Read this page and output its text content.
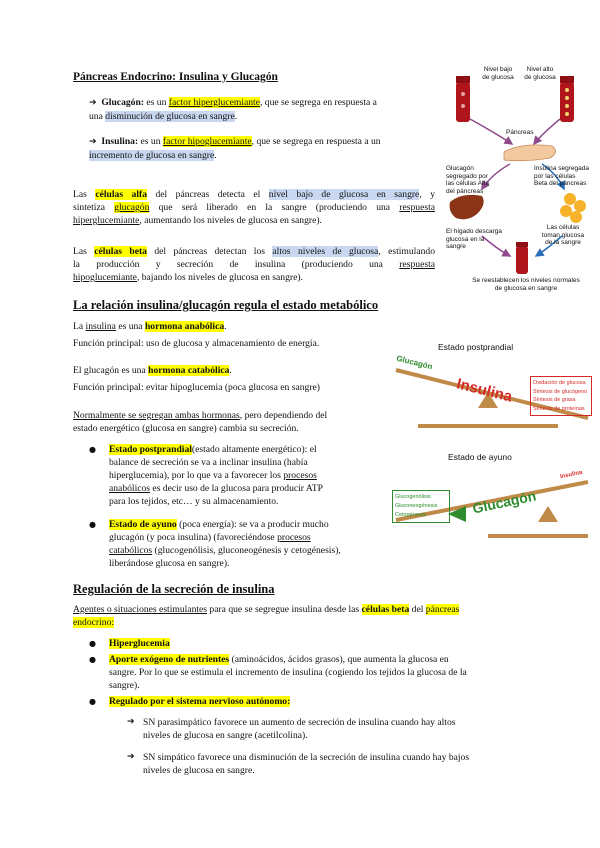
Páncreas Endocrino: Insulina y Glucagón
➔ Glucagón: es un factor hiperglucemiante, que se segrega en respuesta a una disminución de glucosa en sangre.
➔ Insulina: es un factor hipoglucemiante, que se segrega en respuesta a un incremento de glucosa en sangre.
Las células alfa del páncreas detecta el nivel bajo de glucosa en sangre, y
sintetiza glucagón que será liberado en la sangre (produciendo una respuesta
hiperglucemiante, aumentando los niveles de glucosa en sangre).
Las células beta del páncreas detectan los altos niveles de glucosa, estimulando
la producción y secreción de insulina (produciendo una respuesta
hipoglucemiante, bajando los niveles de glucosa en sangre).
Nivel bajo de glucosa
Nivel alto de glucosa
Páncreas
Glucagón segregado por las células Alfa del páncreas
Insulina segregada por las células Beta del páncreas
El hígado descarga glucosa en la sangre
Las células toman glucosa de la sangre
Se reestablecen los niveles normales de glucosa en sangre
La relación insulina/glucagón regula el estado metabólico
La insulina es una hormona anabólica.
Función principal: uso de glucosa y almacenamiento de energía.
El glucagón es una hormona catabólica.
Función principal: evitar hipoglucemia (poca glucosa en sangre)
Normalmente se segregan ambas hormonas, pero dependiendo del
estado energético (glucosa en sangre) cambia su secreción.
● Estado postprandial(estado altamente energético): el
balance de secreción se va a inclinar insulina (había
hiperglucemia), por lo que va a favorecer los procesos
anabólicos es decir uso de la glucosa para producir ATP
para los tejidos, etc… y su almacenamiento.
● Estado de ayuno (poca energía): se va a producir mucho
glucagón (y poca insulina) (favoreciéndose procesos
catabólicos (glucogenólisis, gluconeogénesis y cetogénesis),
liberándose glucosa en sangre).
Estado postprandial
Glucagón
Insulina	Oxidación de glucosa
Síntesis de glucógeno
Síntesis de grasa
Síntesis de proteínas
Estado de ayuno
Glucagón
Insulina
Glucogenólisis
Gluconeogénesis
Cetogénesis
Regulación de la secreción de insulina
Agentes o situaciones estimulantes para que se segregue insulina desde las células beta del páncreas
endocrino:
● Hiperglucemia
● Aporte exógeno de nutrientes (aminoácidos, ácidos grasos), que aumenta la glucosa en
sangre. Por lo que se estimula el incremento de insulina (cogiendo los tejidos la glucosa de la
sangre).
● Regulado por el sistema nervioso autónomo:
➔ SN parasimpático favorece un aumento de secreción de insulina cuando hay altos
niveles de glucosa en sangre (acetilcolina).
➔ SN simpático favorece una disminución de la secreción de insulina cuando hay bajos
niveles de glucosa en sangre.
